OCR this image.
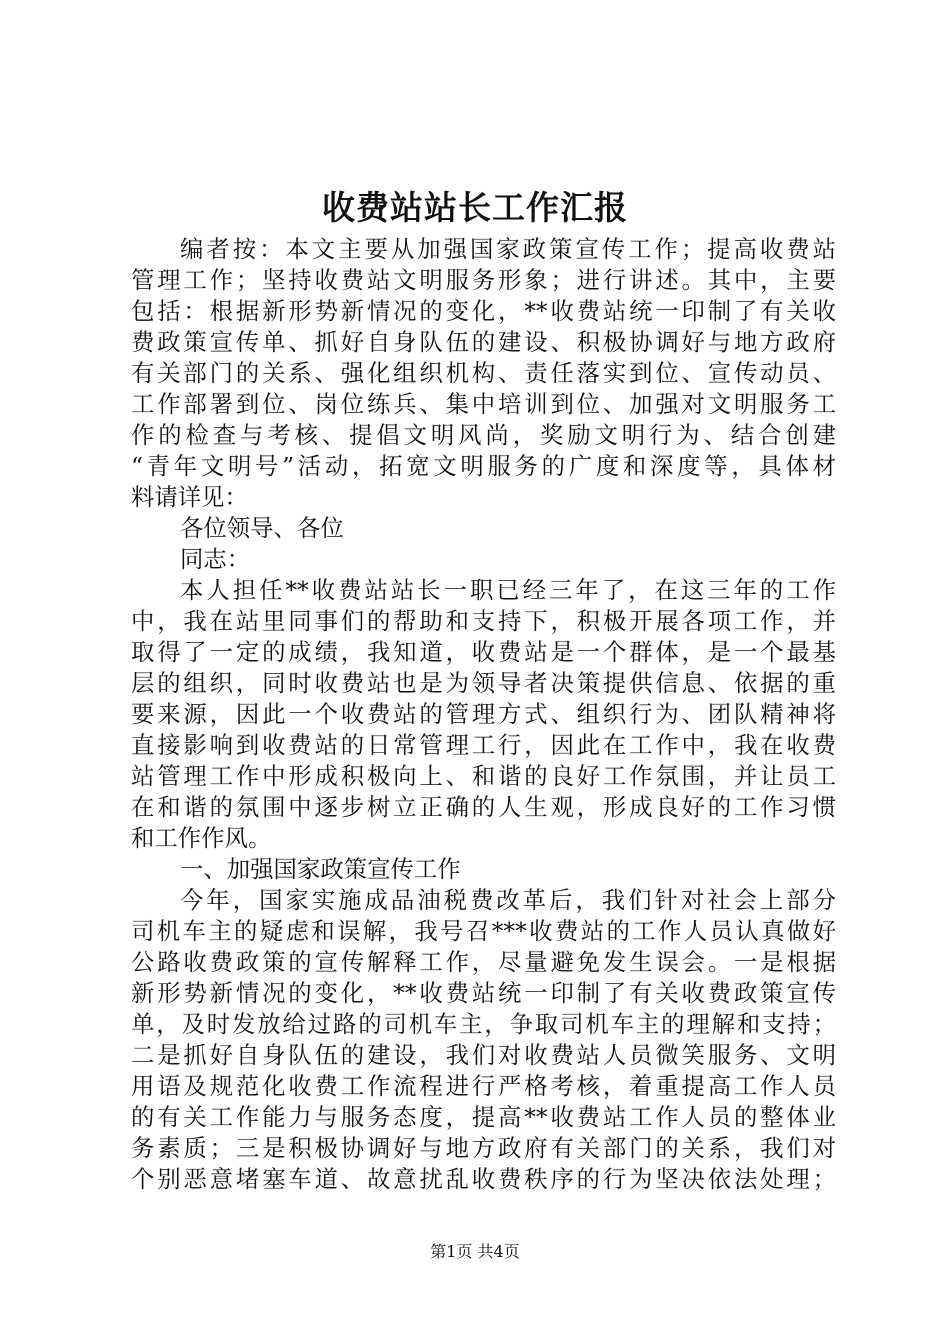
收费站站长工作汇报
编者按：本文主要从加强国家政策宣传工作；提高收费站
管理工作；坚持收费站文明服务形象；进行讲述。其中，主要
包括：根据新形势新情况的变化，**收费站统一印制了有关收
费政策宣传单、抓好自身队伍的建设、积极协调好与地方政府
有关部门的关系、强化组织机构、责任落实到位、宣传动员、
工作部署到位、岗位练兵、集中培训到位、加强对文明服务工
作的检查与考核、提倡文明风尚，奖励文明行为、结合创建
“青年文明号”活动，拓宽文明服务的广度和深度等，具体材
料请详见：
各位领导、各位
同志：
本人担任**收费站站长一职已经三年了，在这三年的工作
中，我在站里同事们的帮助和支持下，积极开展各项工作，并
取得了一定的成绩，我知道，收费站是一个群体，是一个最基
层的组织，同时收费站也是为领导者决策提供信息、依据的重
要来源，因此一个收费站的管理方式、组织行为、团队精神将
直接影响到收费站的日常管理工行，因此在工作中，我在收费
站管理工作中形成积极向上、和谐的良好工作氛围，并让员工
在和谐的氛围中逐步树立正确的人生观，形成良好的工作习惯
和工作作风。
一、加强国家政策宣传工作
今年，国家实施成品油税费改革后，我们针对社会上部分
司机车主的疑虑和误解，我号召***收费站的工作人员认真做好
公路收费政策的宣传解释工作，尽量避免发生误会。一是根据
新形势新情况的变化，**收费站统一印制了有关收费政策宣传
单，及时发放给过路的司机车主，争取司机车主的理解和支持；
二是抓好自身队伍的建设，我们对收费站人员微笑服务、文明
用语及规范化收费工作流程进行严格考核，着重提高工作人员
的有关工作能力与服务态度，提高**收费站工作人员的整体业
务素质；三是积极协调好与地方政府有关部门的关系，我们对
个别恶意堵塞车道、故意扰乱收费秩序的行为坚决依法处理；
第1页 共4页
